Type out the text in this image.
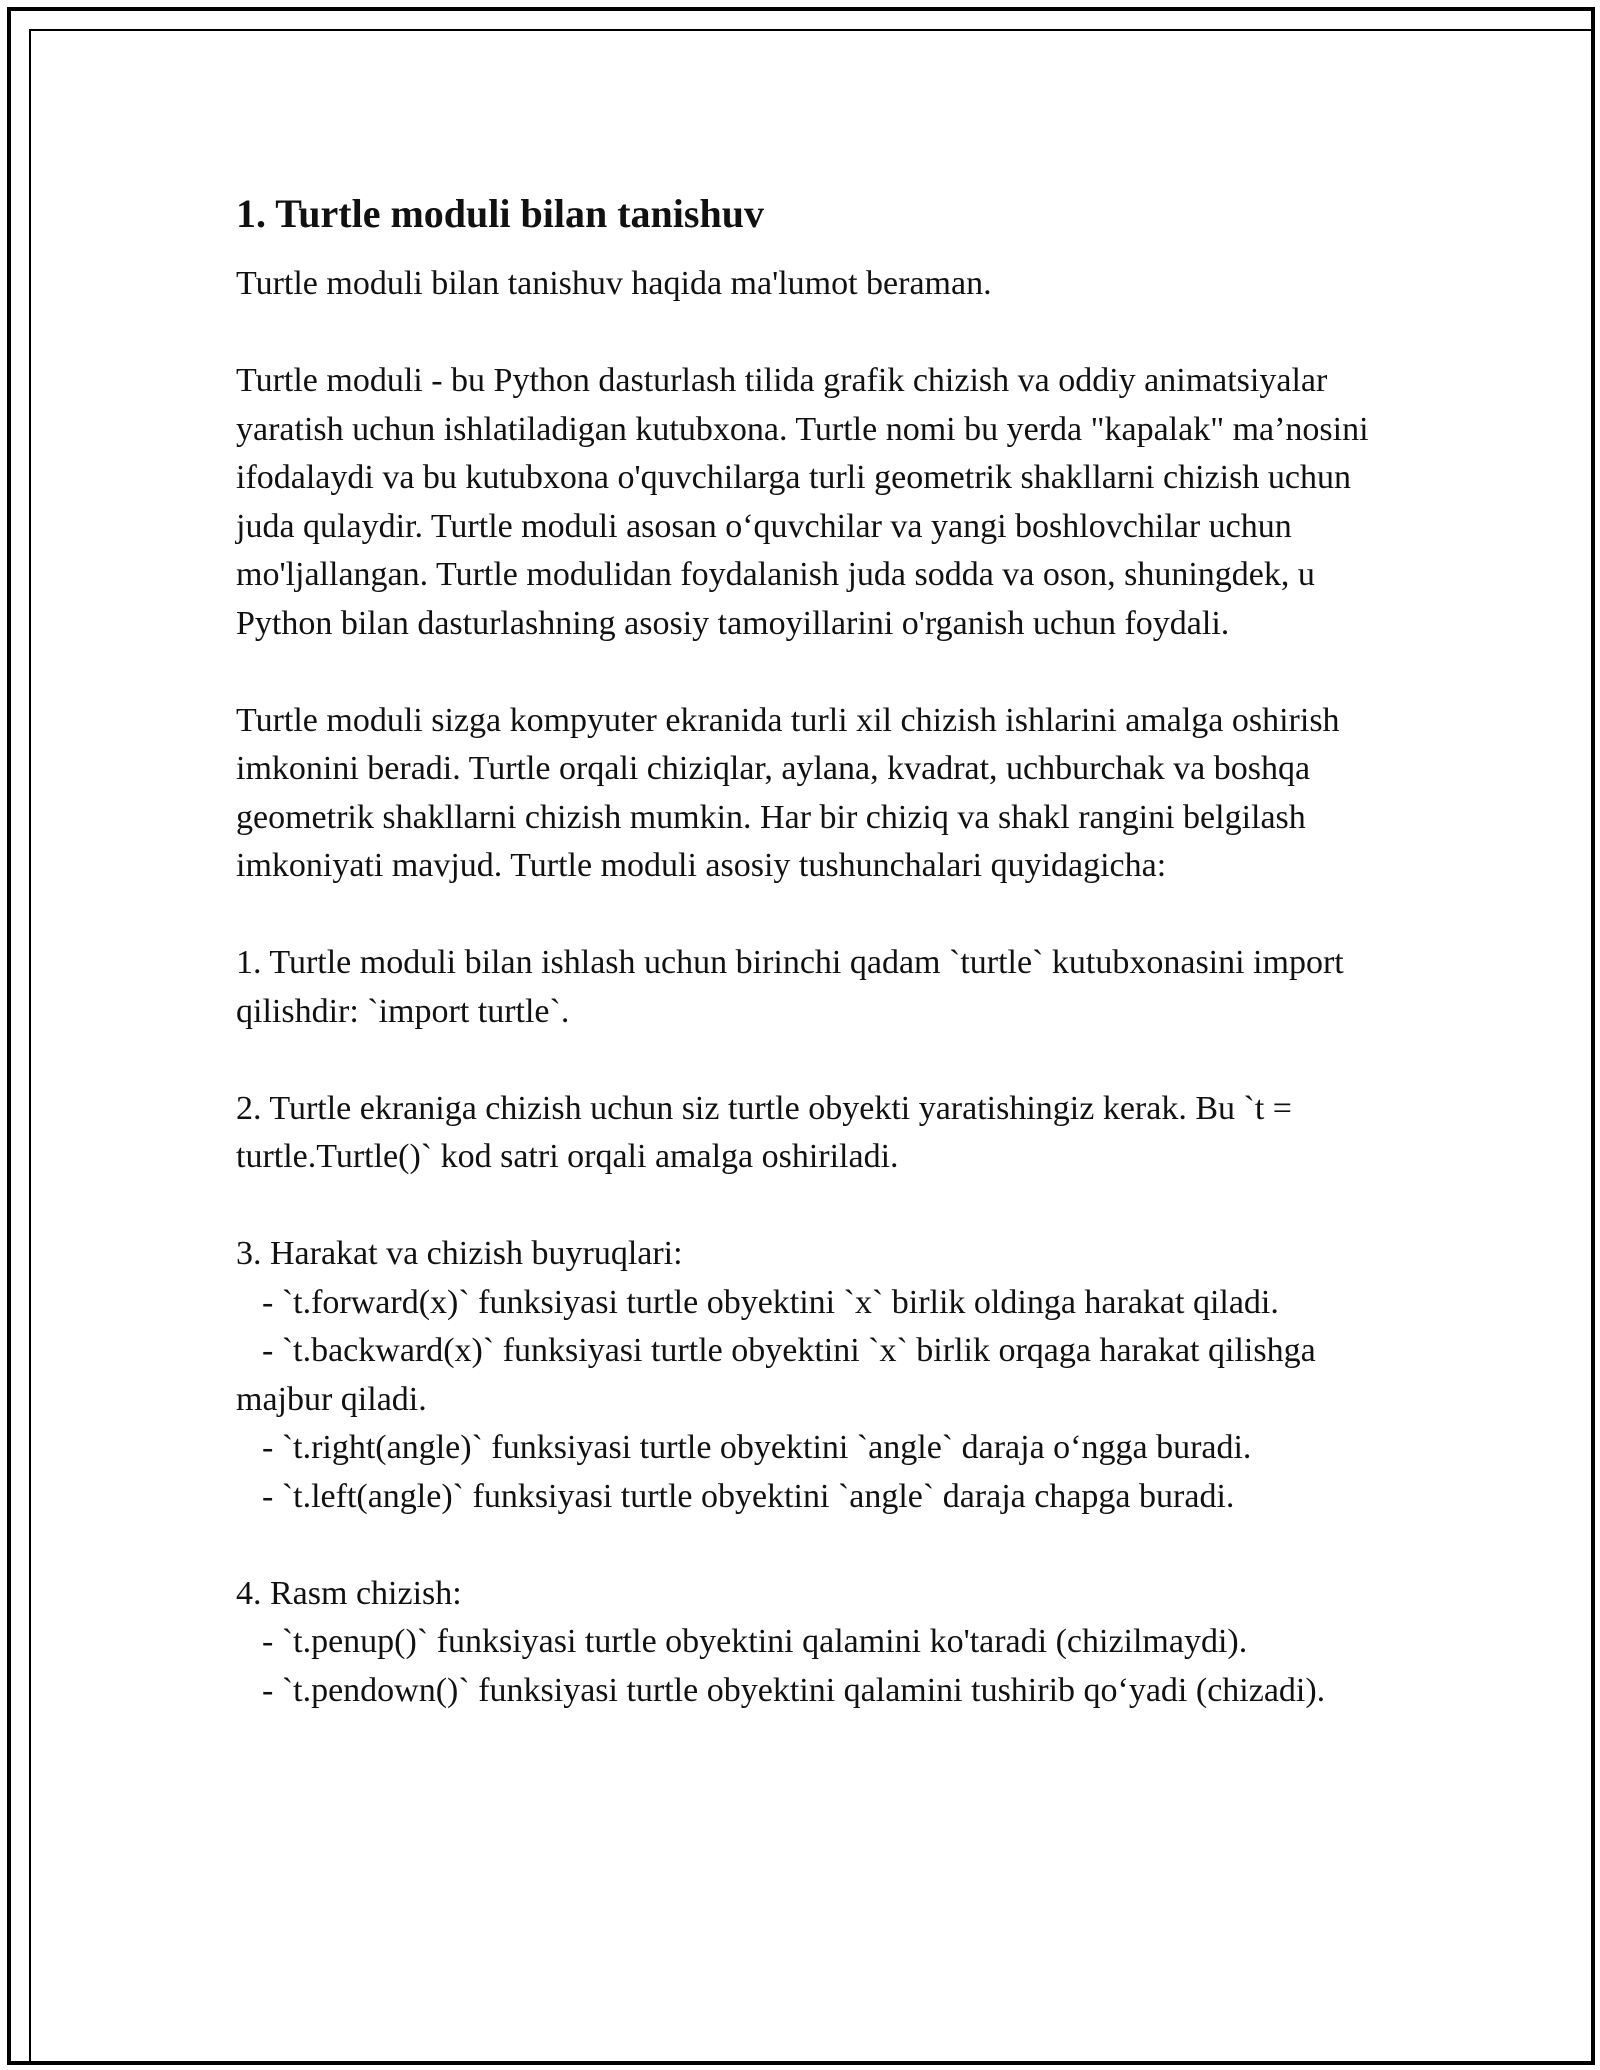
1. Turtle moduli bilan tanishuv

Turtle moduli bilan tanishuv haqida ma'lumot beraman.

Turtle moduli - bu Python dasturlash tilida grafik chizish va oddiy animatsiyalar yaratish uchun ishlatiladigan kutubxona. Turtle nomi bu yerda "kapalak" ma’nosini ifodalaydi va bu kutubxona o'quvchilarga turli geometrik shakllarni chizish uchun juda qulaydir. Turtle moduli asosan o‘quvchilar va yangi boshlovchilar uchun mo'ljallangan. Turtle modulidan foydalanish juda sodda va oson, shuningdek, u Python bilan dasturlashning asosiy tamoyillarini o'rganish uchun foydali.

Turtle moduli sizga kompyuter ekranida turli xil chizish ishlarini amalga oshirish imkonini beradi. Turtle orqali chiziqlar, aylana, kvadrat, uchburchak va boshqa geometrik shakllarni chizish mumkin. Har bir chiziq va shakl rangini belgilash imkoniyati mavjud. Turtle moduli asosiy tushunchalari quyidagicha:

1. Turtle moduli bilan ishlash uchun birinchi qadam `turtle` kutubxonasini import qilishdir: `import turtle`.

2. Turtle ekraniga chizish uchun siz turtle obyekti yaratishingiz kerak. Bu `t = turtle.Turtle()` kod satri orqali amalga oshiriladi.

3. Harakat va chizish buyruqlari:
- `t.forward(x)` funksiyasi turtle obyektini `x` birlik oldinga harakat qiladi.
- `t.backward(x)` funksiyasi turtle obyektini `x` birlik orqaga harakat qilishga majbur qiladi.
- `t.right(angle)` funksiyasi turtle obyektini `angle` daraja o‘ngga buradi.
- `t.left(angle)` funksiyasi turtle obyektini `angle` daraja chapga buradi.
4. Rasm chizish:
- `t.penup()` funksiyasi turtle obyektini qalamini ko'taradi (chizilmaydi).
- `t.pendown()` funksiyasi turtle obyektini qalamini tushirib qo‘yadi (chizadi).
